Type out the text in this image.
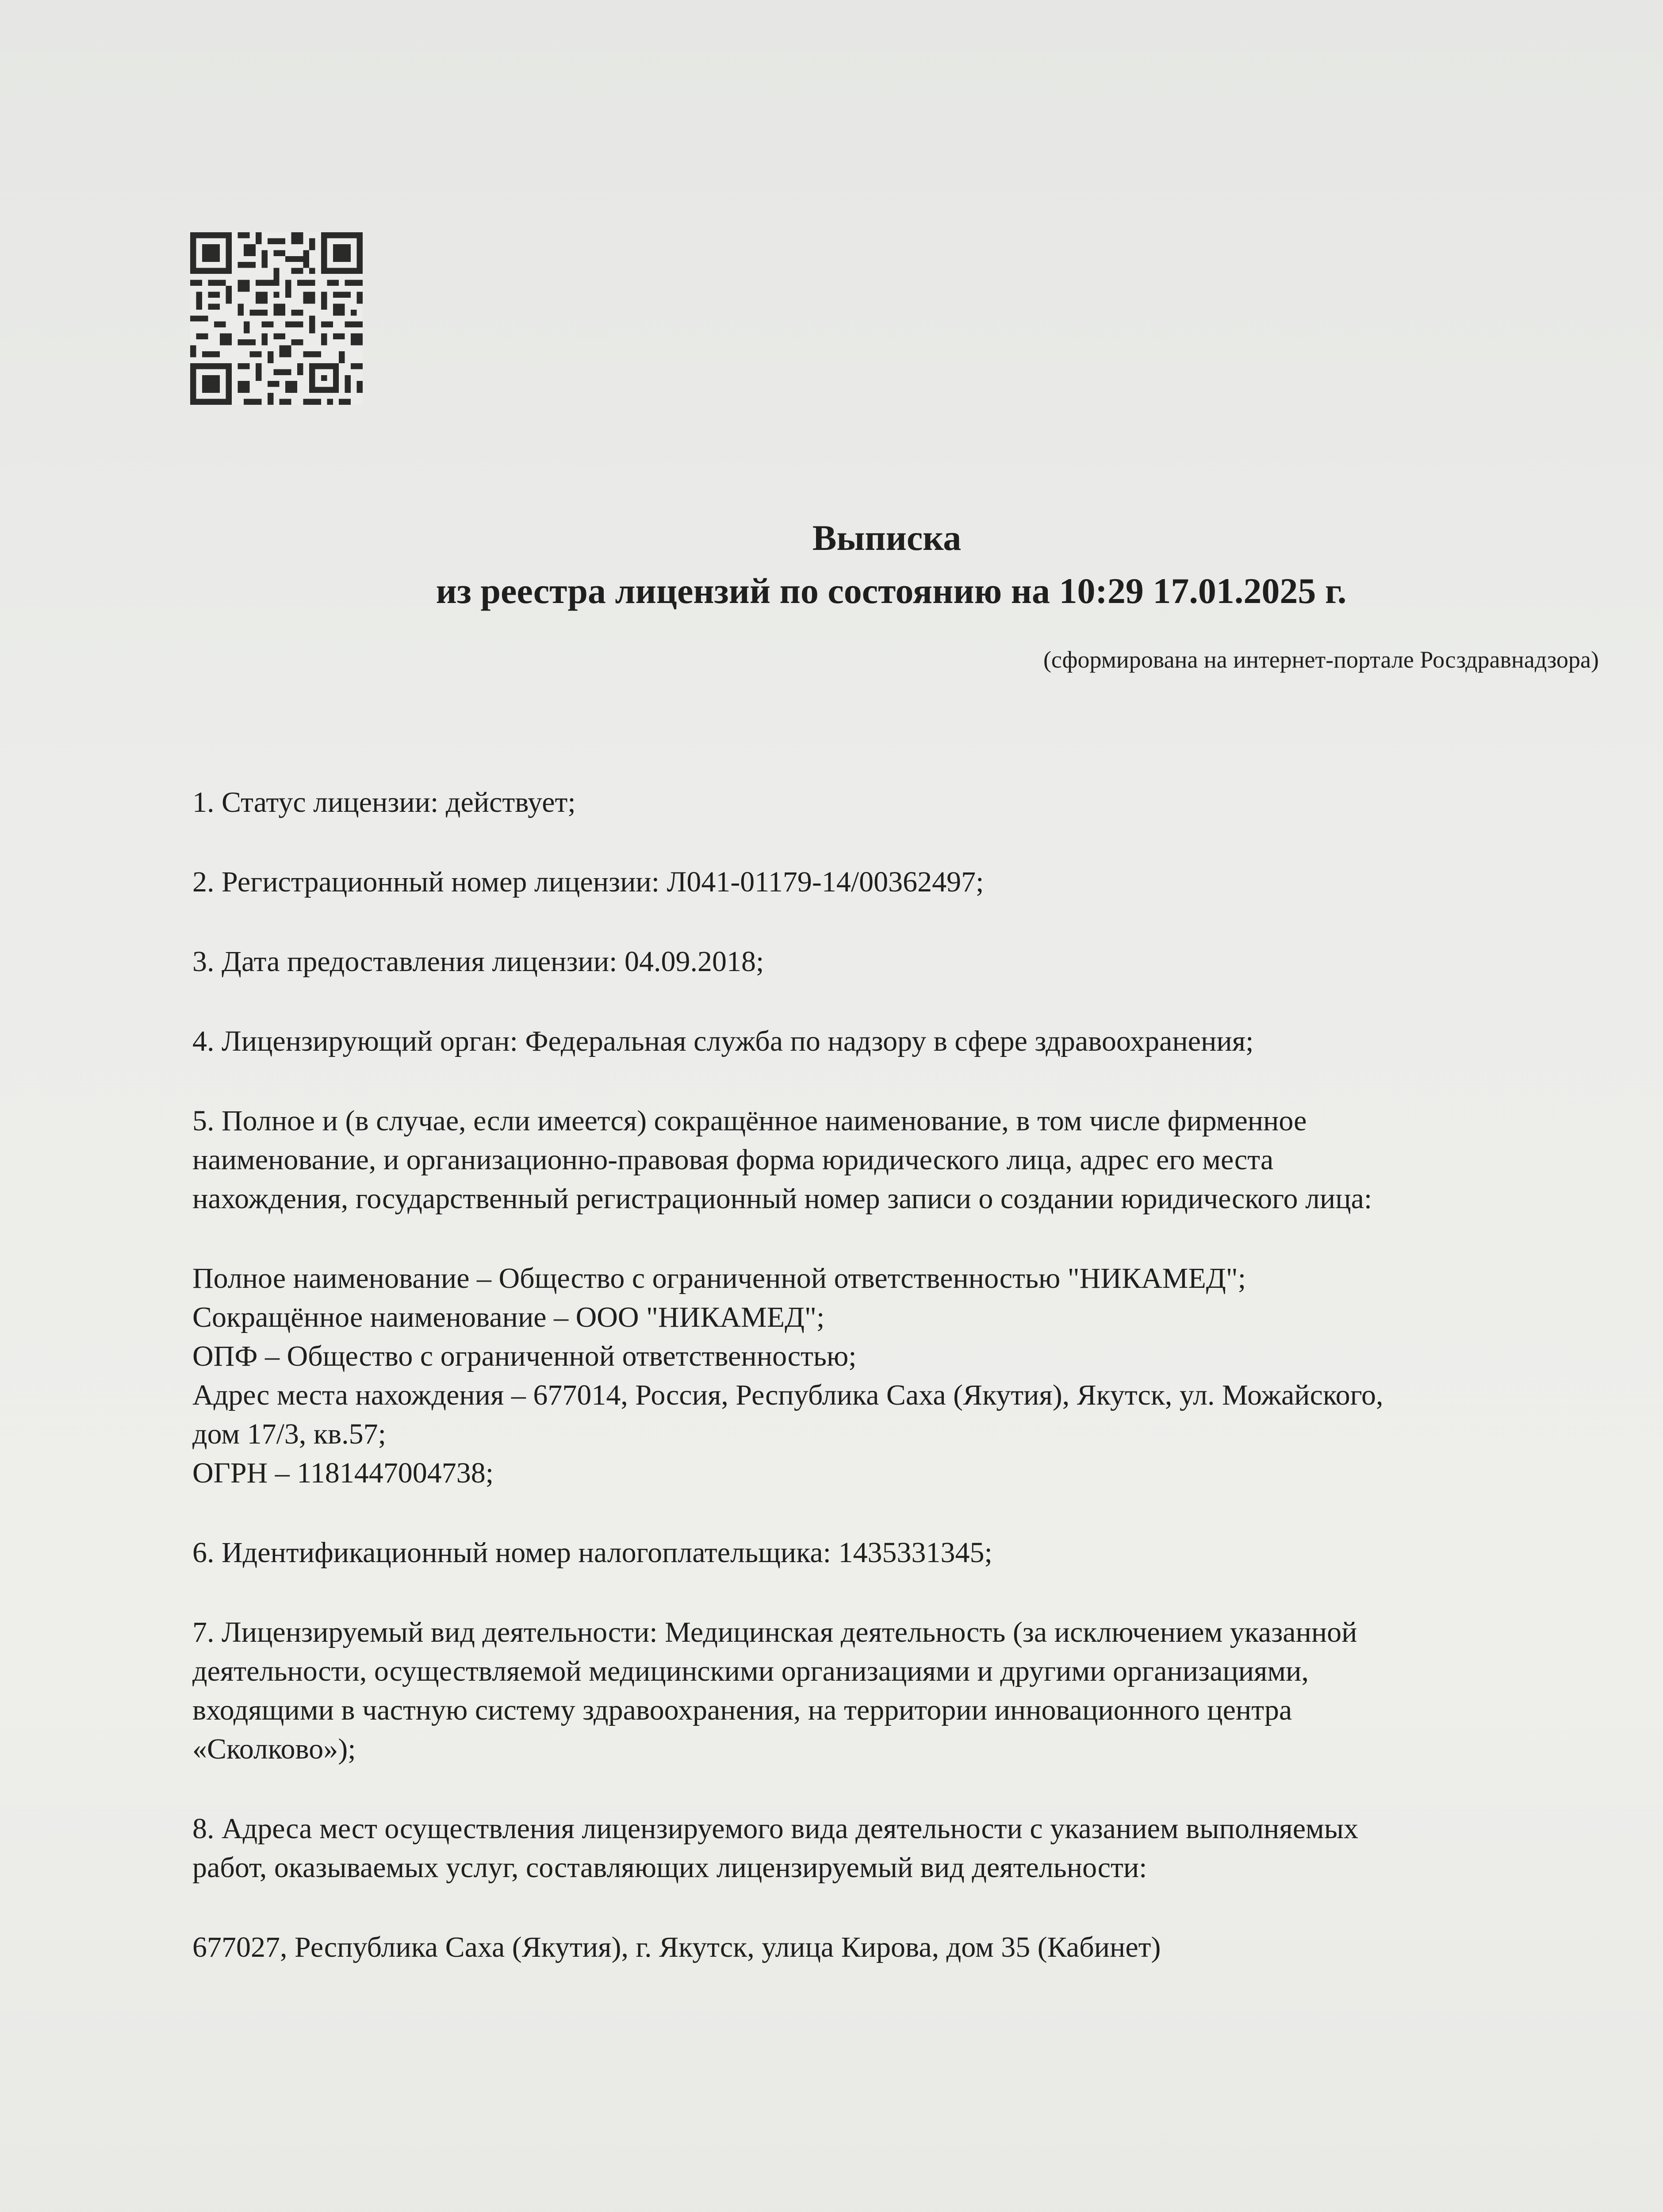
Выписка
из реестра лицензий по состоянию на 10:29 17.01.2025 г.
(сформирована на интернет-портале Росздравнадзора)

1. Статус лицензии: действует;

2. Регистрационный номер лицензии: Л041-01179-14/00362497;

3. Дата предоставления лицензии: 04.09.2018;

4. Лицензирующий орган: Федеральная служба по надзору в сфере здравоохранения;

5. Полное и (в случае, если имеется) сокращённое наименование, в том числе фирменное
наименование, и организационно-правовая форма юридического лица, адрес его места
нахождения, государственный регистрационный номер записи о создании юридического лица:

Полное наименование – Общество с ограниченной ответственностью "НИКАМЕД";

Сокращённое наименование – ООО "НИКАМЕД";

ОПФ – Общество с ограниченной ответственностью;

Адрес места нахождения – 677014, Россия, Республика Саха (Якутия), Якутск, ул. Можайского,
дом 17/3, кв.57;

ОГРН – 1181447004738;

6. Идентификационный номер налогоплательщика: 1435331345;

7. Лицензируемый вид деятельности: Медицинская деятельность (за исключением указанной
деятельности, осуществляемой медицинскими организациями и другими организациями,
входящими в частную систему здравоохранения, на территории инновационного центра
«Сколково»);

8. Адреса мест осуществления лицензируемого вида деятельности с указанием выполняемых
работ, оказываемых услуг, составляющих лицензируемый вид деятельности:

677027, Республика Саха (Якутия), г. Якутск, улица Кирова, дом 35 (Кабинет)
